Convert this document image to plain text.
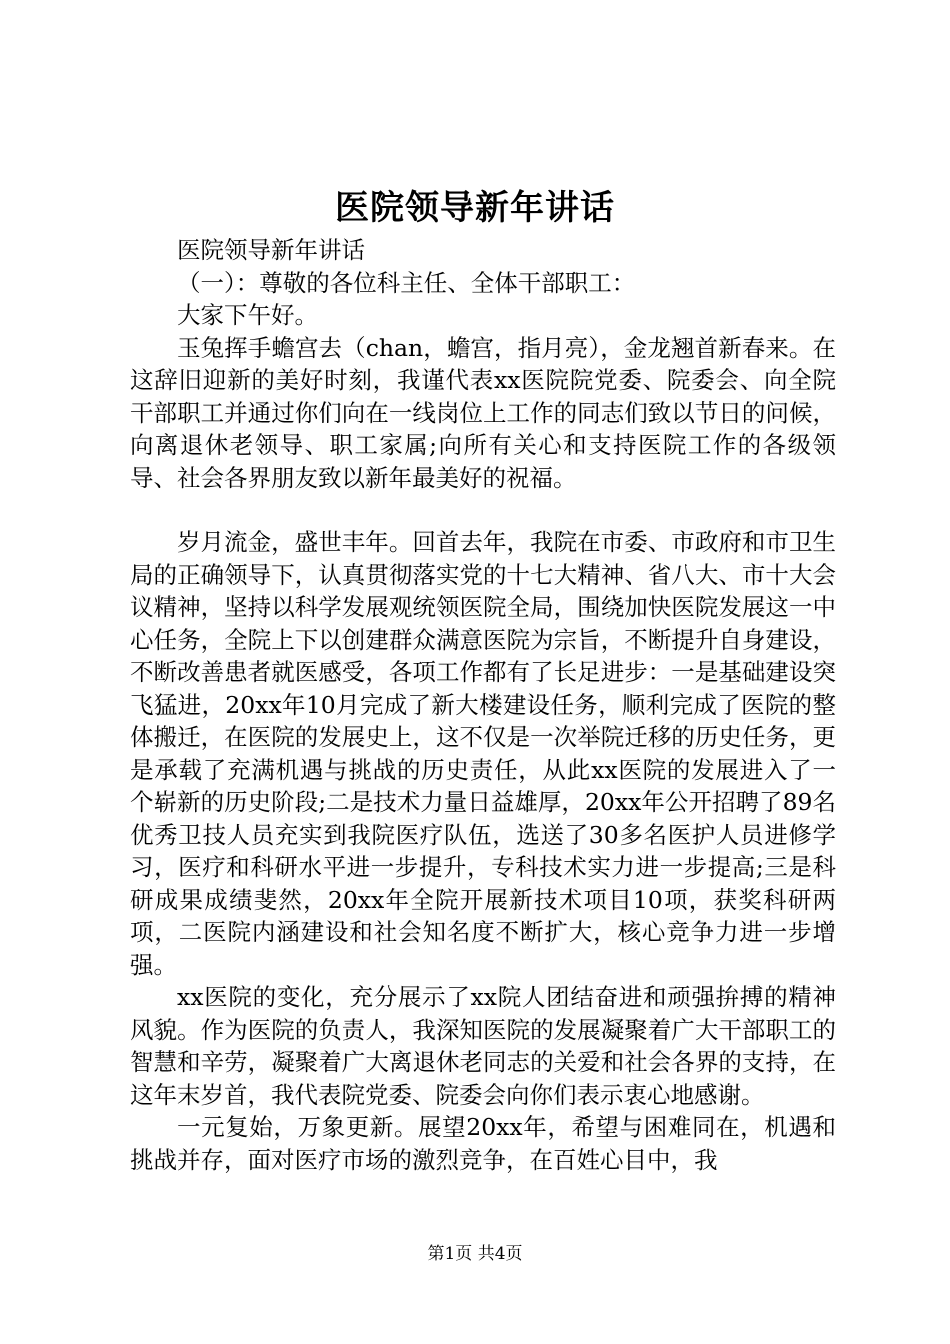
医院领导新年讲话

医院领导新年讲话

（一）：尊敬的各位科主任、全体干部职工：

大家下午好。

玉兔挥手蟾宫去（chan，蟾宫，指月亮），金龙翘首新春来。在这辞旧迎新的美好时刻，我谨代表xx医院院党委、院委会、向全院干部职工并通过你们向在一线岗位上工作的同志们致以节日的问候，向离退休老领导、职工家属;向所有关心和支持医院工作的各级领导、社会各界朋友致以新年最美好的祝福。

岁月流金，盛世丰年。回首去年，我院在市委、市政府和市卫生局的正确领导下，认真贯彻落实党的十七大精神、省八大、市十大会议精神，坚持以科学发展观统领医院全局，围绕加快医院发展这一中心任务，全院上下以创建群众满意医院为宗旨，不断提升自身建设，不断改善患者就医感受，各项工作都有了长足进步：一是基础建设突飞猛进，20xx年10月完成了新大楼建设任务，顺利完成了医院的整体搬迁，在医院的发展史上，这不仅是一次举院迁移的历史任务，更是承载了充满机遇与挑战的历史责任，从此xx医院的发展进入了一个崭新的历史阶段;二是技术力量日益雄厚，20xx年公开招聘了89名优秀卫技人员充实到我院医疗队伍，选送了30多名医护人员进修学习，医疗和科研水平进一步提升，专科技术实力进一步提高;三是科研成果成绩斐然，20xx年全院开展新技术项目10项，获奖科研两项，二医院内涵建设和社会知名度不断扩大，核心竞争力进一步增强。

xx医院的变化，充分展示了xx院人团结奋进和顽强拚搏的精神风貌。作为医院的负责人，我深知医院的发展凝聚着广大干部职工的智慧和辛劳，凝聚着广大离退休老同志的关爱和社会各界的支持，在这年末岁首，我代表院党委、院委会向你们表示衷心地感谢。

一元复始，万象更新。展望20xx年，希望与困难同在，机遇和挑战并存，面对医疗市场的激烈竞争，在百姓心目中，我

第1页 共4页
